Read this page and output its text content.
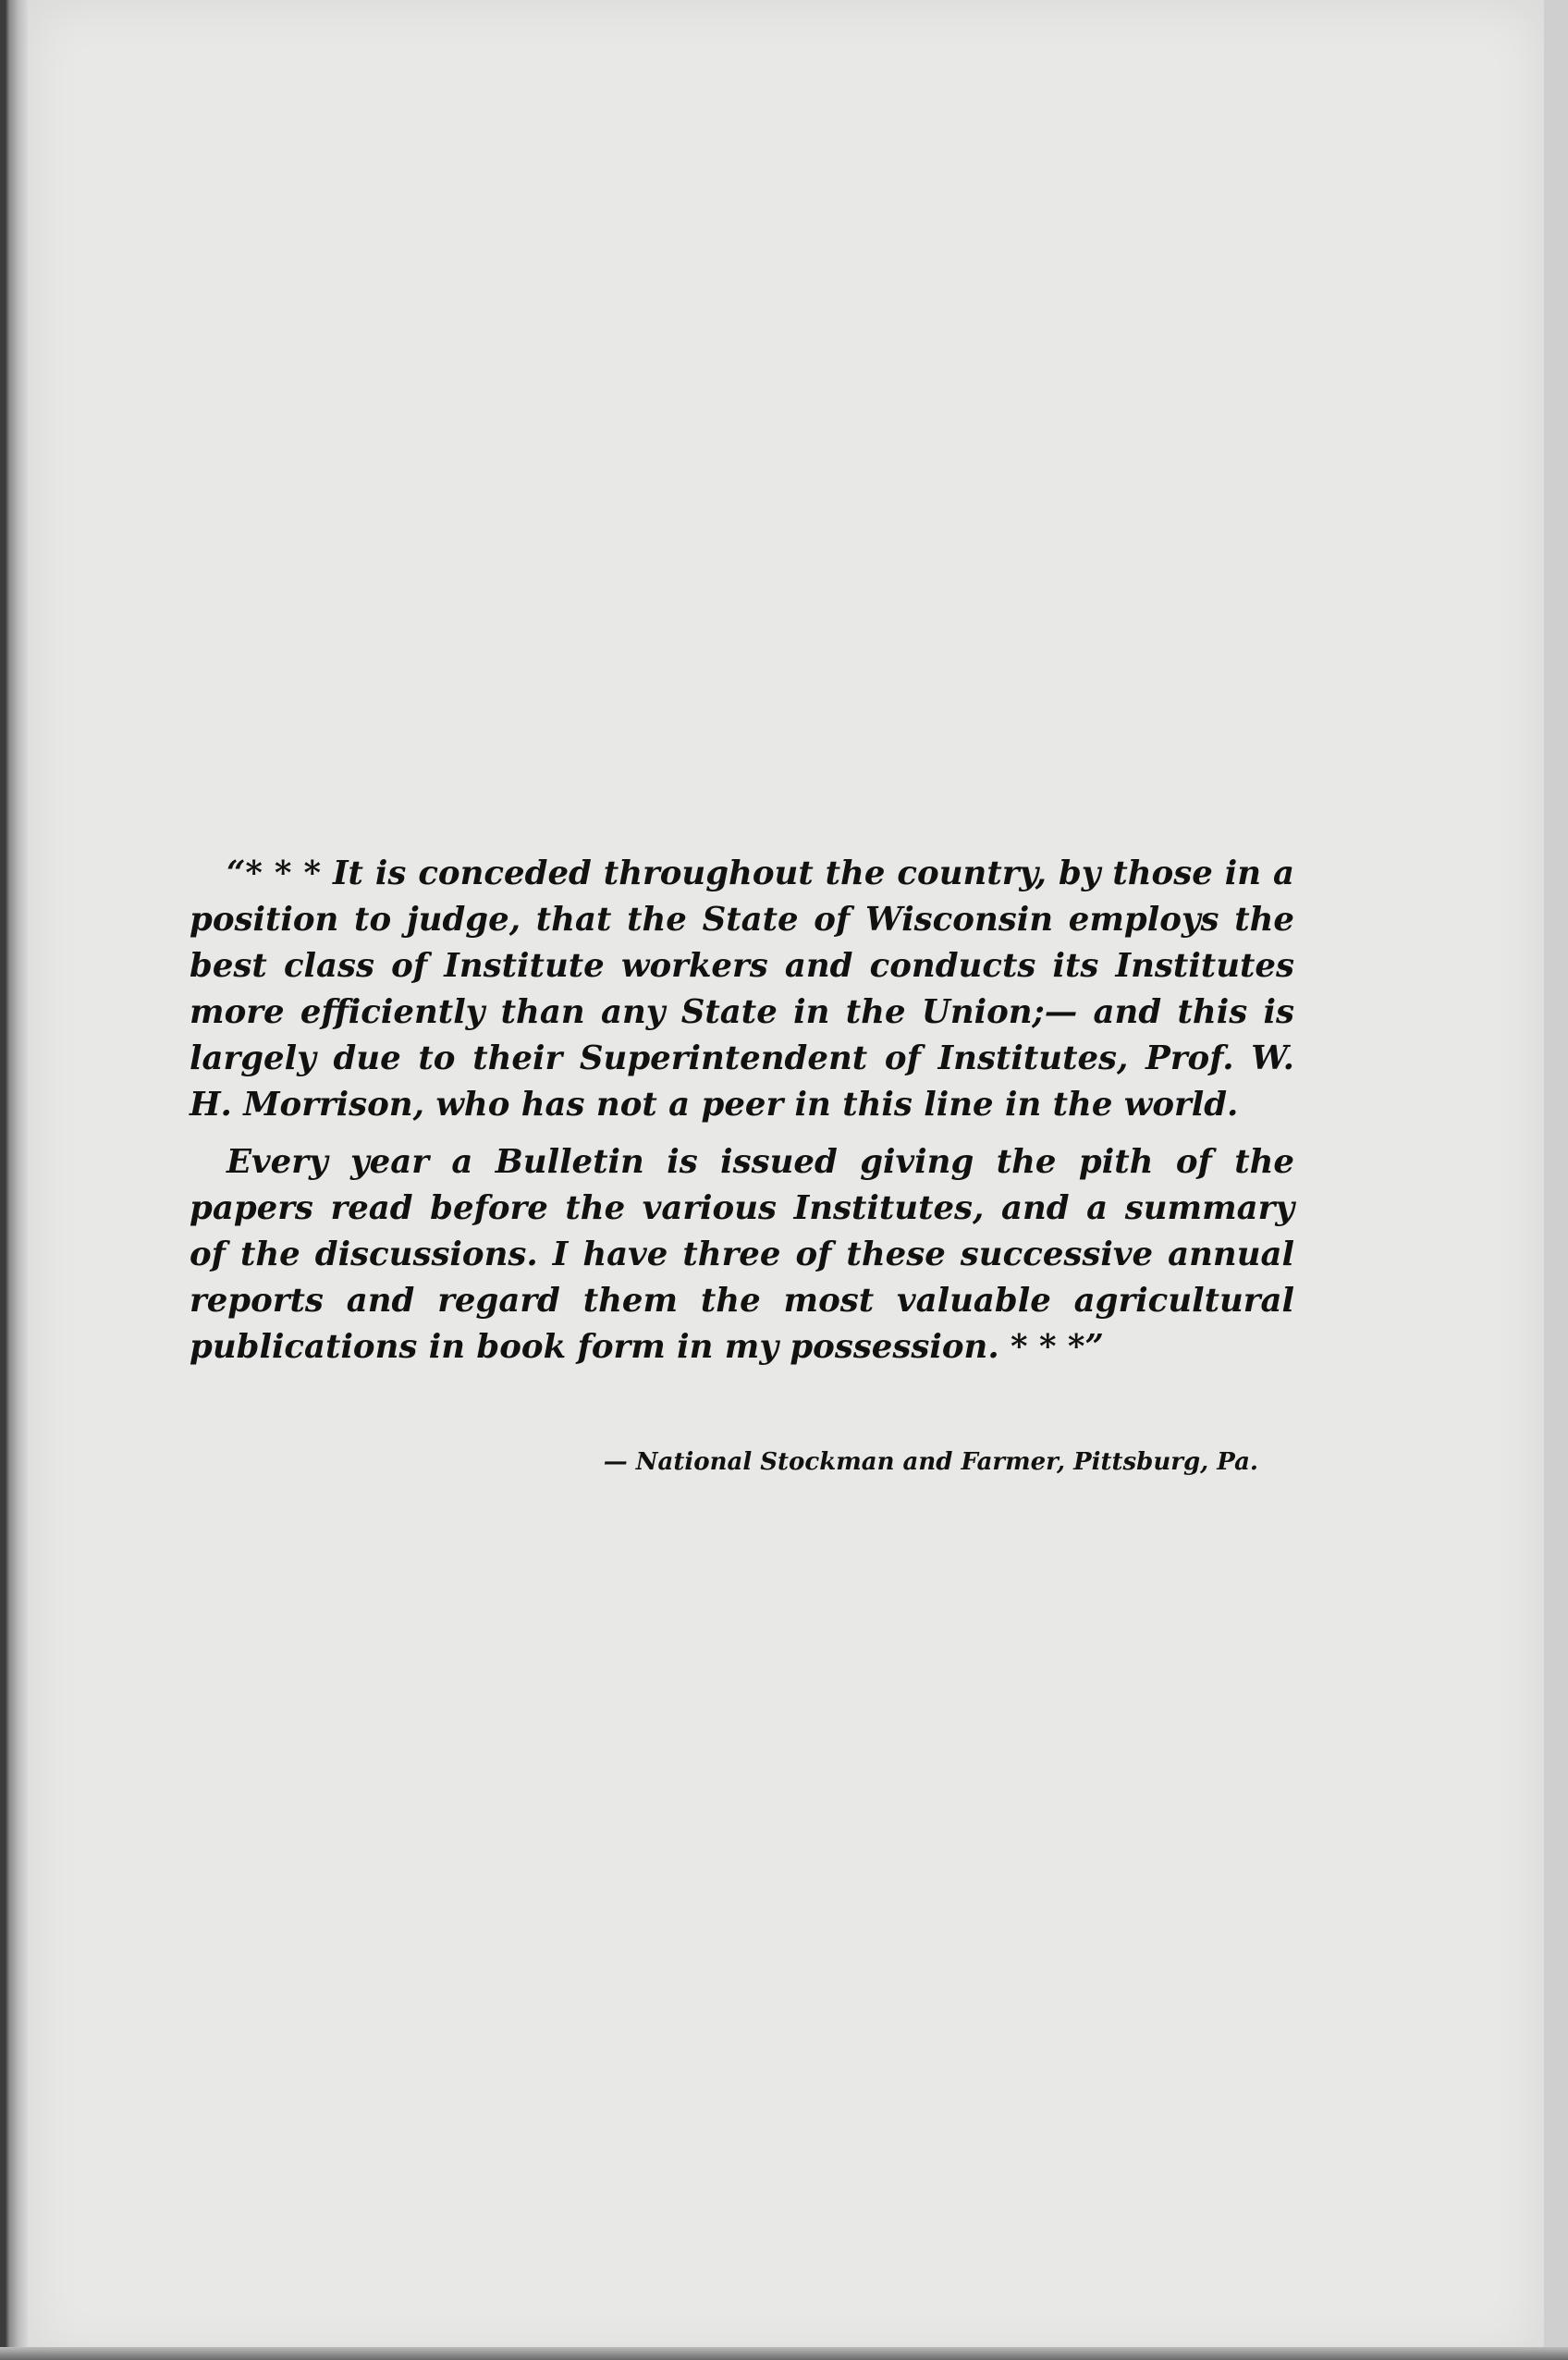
“* * * It is conceded throughout the country, by those in a position to judge, that the State of Wisconsin employs the best class of Institute workers and conducts its Institutes more efficiently than any State in the Union;— and this is largely due to their Superintendent of Institutes, Prof. W. H. Morrison, who has not a peer in this line in the world.

Every year a Bulletin is issued giving the pith of the papers read before the various Institutes, and a summary of the discussions. I have three of these successive annual reports and regard them the most valuable agricultural publications in book form in my possession. * * *”

— National Stockman and Farmer, Pittsburg, Pa.
